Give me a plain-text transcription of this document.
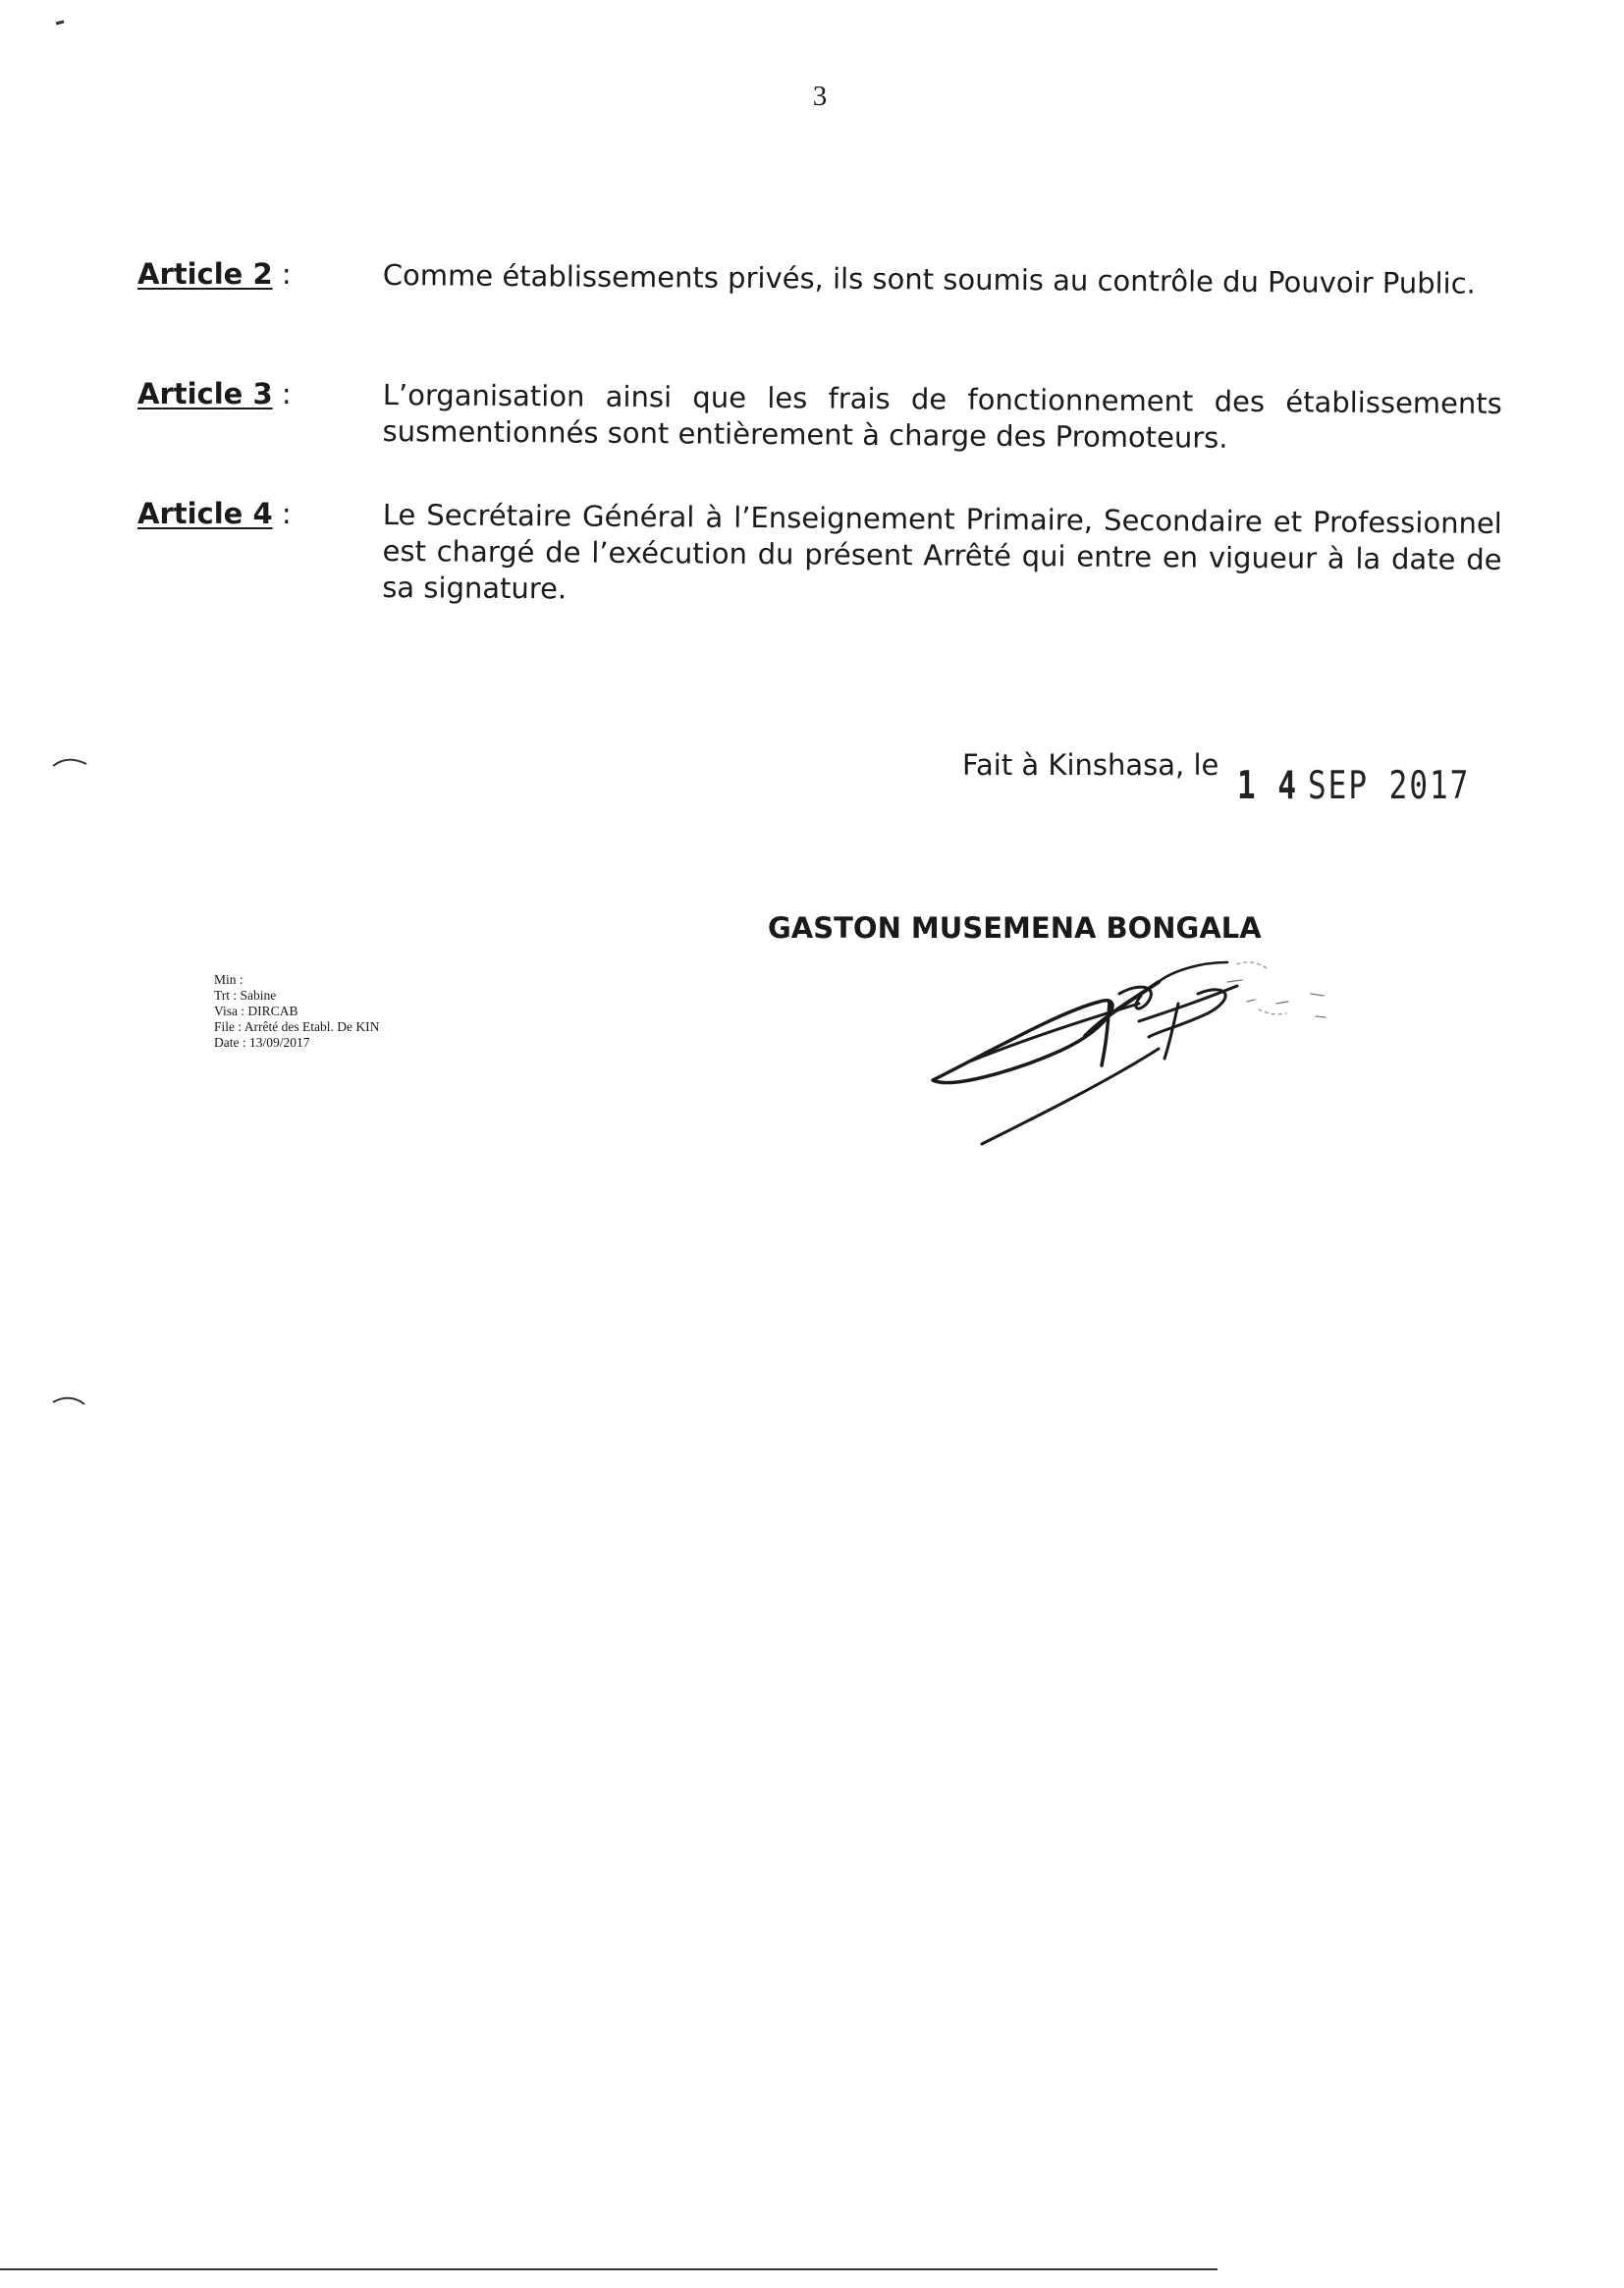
3
Article 2 :	Comme établissements privés, ils sont soumis au contrôle du Pouvoir Public.
Article 3 :	L’organisation ainsi que les frais de fonctionnement des établissements susmentionnés sont entièrement à charge des Promoteurs.
Article 4 :	Le Secrétaire Général à l’Enseignement Primaire, Secondaire et Professionnel est chargé de l’exécution du présent Arrêté qui entre en vigueur à la date de sa signature.
Fait à Kinshasa, le 1 4 SEP 2017
GASTON MUSEMENA BONGALA
Min :
Trt : Sabine
Visa : DIRCAB
File : Arrêté des Etabl. De KIN
Date : 13/09/2017
